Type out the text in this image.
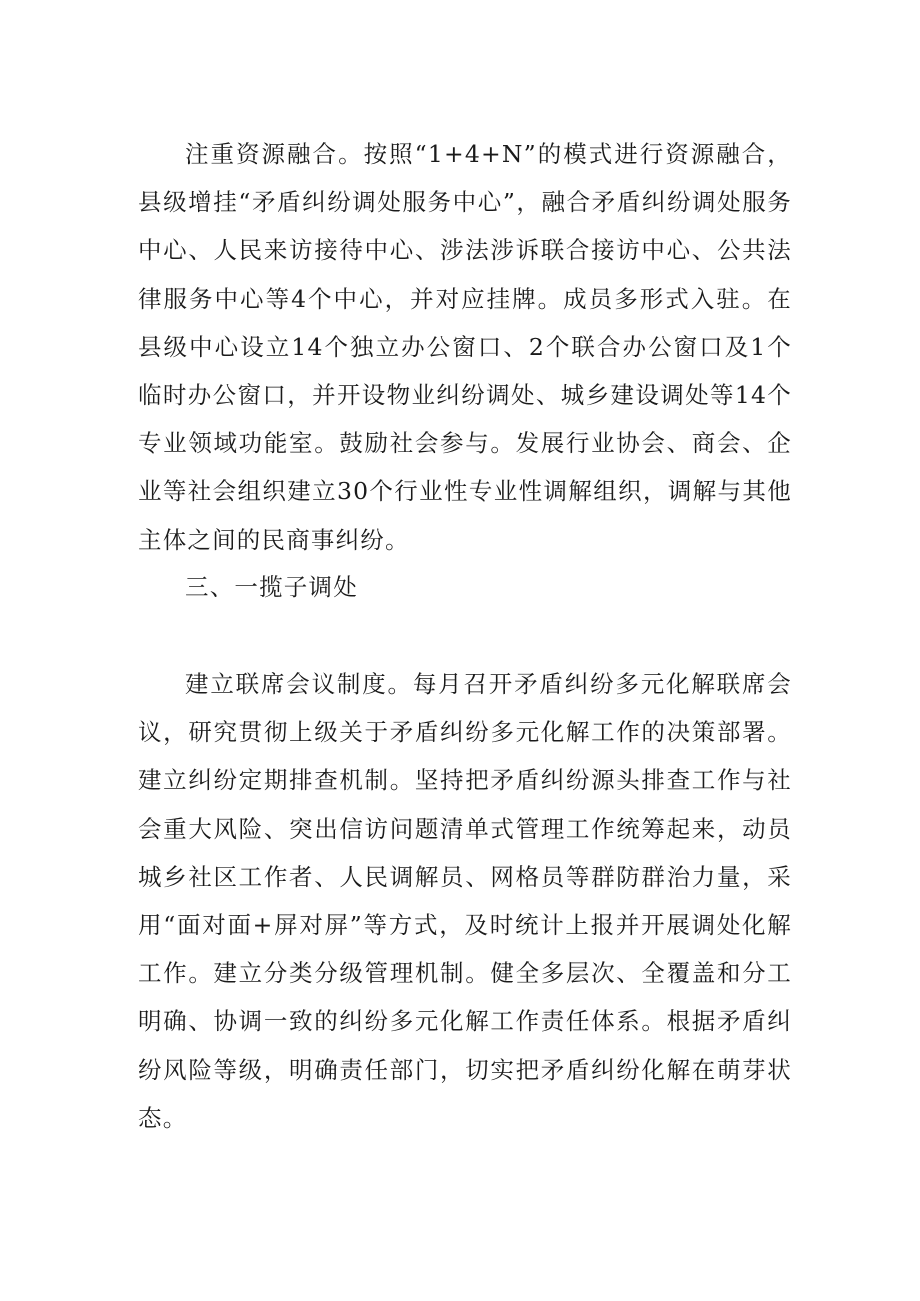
注重资源融合。按照“1+4+N”的模式进行资源融合，县级增挂“矛盾纠纷调处服务中心”，融合矛盾纠纷调处服务中心、人民来访接待中心、涉法涉诉联合接访中心、公共法律服务中心等4个中心，并对应挂牌。成员多形式入驻。在县级中心设立14个独立办公窗口、2个联合办公窗口及1个临时办公窗口，并开设物业纠纷调处、城乡建设调处等14个专业领域功能室。鼓励社会参与。发展行业协会、商会、企业等社会组织建立30个行业性专业性调解组织，调解与其他主体之间的民商事纠纷。

三、一揽子调处

建立联席会议制度。每月召开矛盾纠纷多元化解联席会议，研究贯彻上级关于矛盾纠纷多元化解工作的决策部署。建立纠纷定期排查机制。坚持把矛盾纠纷源头排查工作与社会重大风险、突出信访问题清单式管理工作统筹起来，动员城乡社区工作者、人民调解员、网格员等群防群治力量，采用“面对面+屏对屏”等方式，及时统计上报并开展调处化解工作。建立分类分级管理机制。健全多层次、全覆盖和分工明确、协调一致的纠纷多元化解工作责任体系。根据矛盾纠纷风险等级，明确责任部门，切实把矛盾纠纷化解在萌芽状态。
